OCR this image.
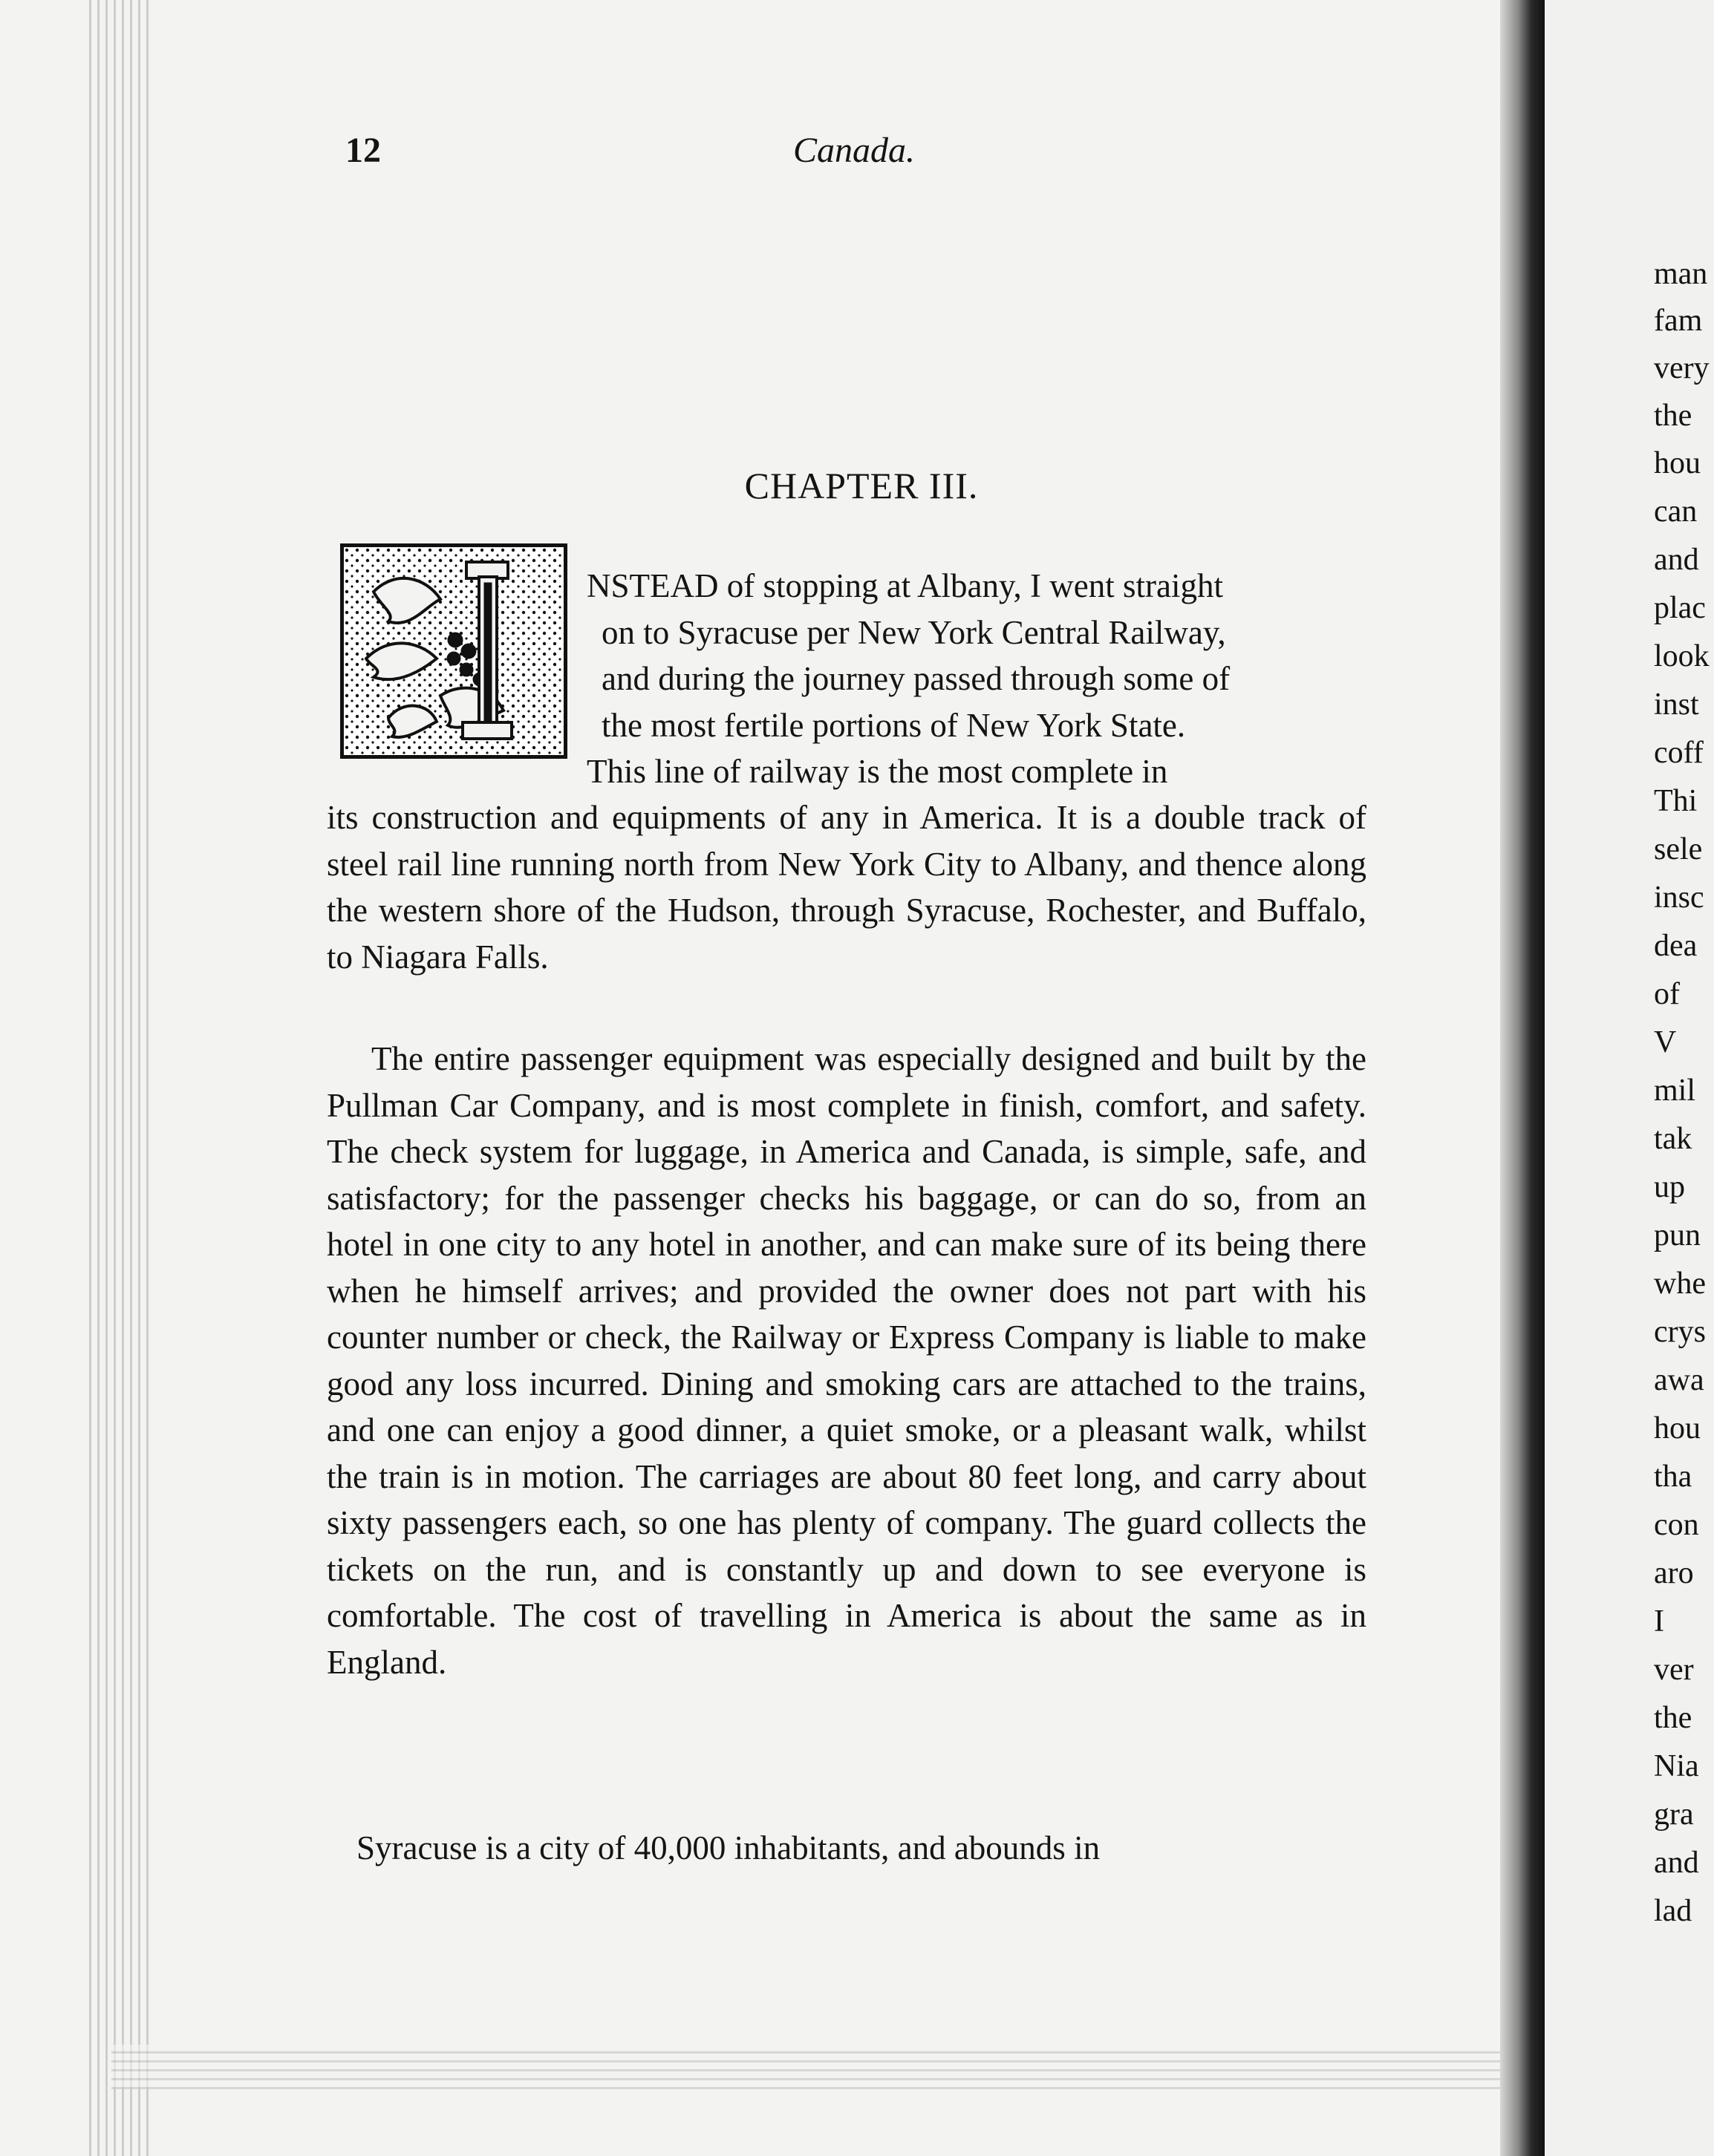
12	Canada.
CHAPTER III.
NSTEAD of stopping at Albany, I went straight
on to Syracuse per New York Central Railway,
and during the journey passed through some of
the most fertile portions of New York State.
This line of railway is the most complete in
its construction and equipments of any in America. It is a double track of steel rail line running north from New York City to Albany, and thence along the western shore of the Hudson, through Syracuse, Rochester, and Buffalo, to Niagara Falls.
The entire passenger equipment was especially designed and built by the Pullman Car Company, and is most complete in finish, comfort, and safety. The check system for luggage, in America and Canada, is simple, safe, and satisfactory; for the passenger checks his baggage, or can do so, from an hotel in one city to any hotel in another, and can make sure of its being there when he himself arrives; and provided the owner does not part with his counter number or check, the Railway or Express Company is liable to make good any loss incurred. Dining and smoking cars are attached to the trains, and one can enjoy a good dinner, a quiet smoke, or a pleasant walk, whilst the train is in motion. The carriages are about 80 feet long, and carry about sixty passengers each, so one has plenty of company. The guard collects the tickets on the run, and is constantly up and down to see everyone is comfortable. The cost of travelling in America is about the same as in England.
Syracuse is a city of 40,000 inhabitants, and abounds in
man
fam
very
the
hou
can
and
plac
look
inst
coff
Thi
sele
insc
dea
of
V
mil
tak
up
pun
whe
crys
awa
hou
tha
con
aro
I
ver
the
Nia
gra
and
lad
